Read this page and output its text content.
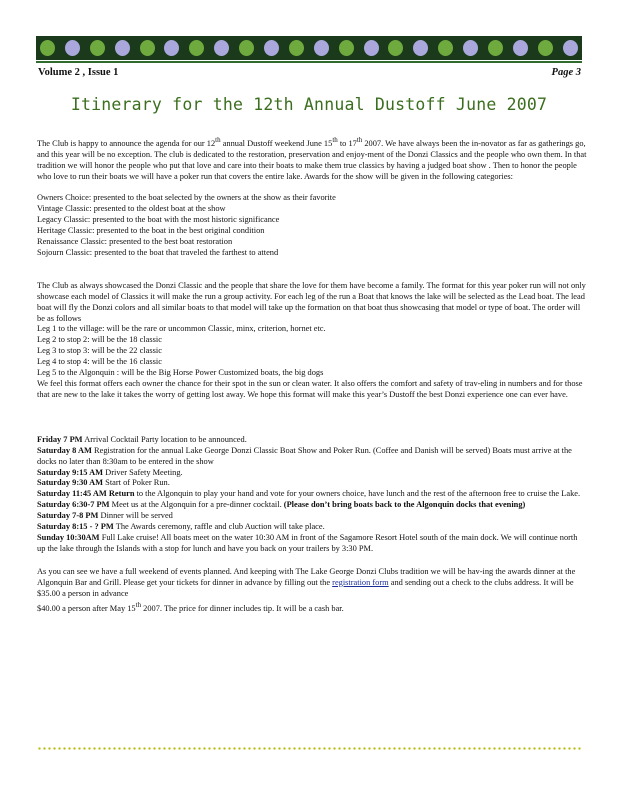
Volume 2 , Issue 1	Page 3
Itinerary for the 12th Annual Dustoff June 2007

The Club is happy to announce the agenda for our 12th annual Dustoff weekend June 15th to 17th 2007. We have always been the in-novator as far as gatherings go, and this year will be no exception. The club is dedicated to the restoration, preservation and enjoy-ment of the Donzi Classics and the people who own them. In that tradition we will honor the people who put that love and care into their boats to make them true classics by having a judged boat show . Then to honor the people who love to run their boats we will have a poker run that covers the entire lake. Awards for the show will be given in the following categories:

Owners Choice: presented to the boat selected by the owners at the show as their favorite

Vintage Classic: presented to the oldest boat at the show

Legacy Classic: presented to the boat with the most historic significance

Heritage Classic: presented to the boat in the best original condition

Renaissance Classic: presented to the best boat restoration

Sojourn Classic: presented to the boat that traveled the farthest to attend

The Club as always showcased the Donzi Classic and the people that share the love for them have become a family. The format for this year poker run will not only showcase each model of Classics it will make the run a group activity. For each leg of the run a Boat that knows the lake will be selected as the Lead boat. The lead boat will fly the Donzi colors and all similar boats to that model will take up the formation on that boat thus showcasing that model or type of boat. The order will be as follows

Leg 1 to the village: will be the rare or uncommon Classic, minx, criterion, hornet etc.

Leg 2 to stop 2: will be the 18 classic

Leg 3 to stop 3: will be the 22 classic

Leg 4 to stop 4: will be the 16 classic

Leg 5 to the Algonquin : will be the Big Horse Power Customized boats, the big dogs

We feel this format offers each owner the chance for their spot in the sun or clean water. It also offers the comfort and safety of trav-eling in numbers and for those that are new to the lake it takes the worry of getting lost away. We hope this format will make this year’s Dustoff the best Donzi experience one can ever have.

Friday 7 PM Arrival Cocktail Party location to be announced.

Saturday 8 AM Registration for the annual Lake George Donzi Classic Boat Show and Poker Run. (Coffee and Danish will be served) Boats must arrive at the docks no later than 8:30am to be entered in the show

Saturday 9:15 AM Driver Safety Meeting.

Saturday 9:30 AM Start of Poker Run.

Saturday 11:45 AM Return to the Algonquin to play your hand and vote for your owners choice, have lunch and the rest of the afternoon free to cruise the Lake.

Saturday 6:30-7 PM Meet us at the Algonquin for a pre-dinner cocktail. (Please don’t bring boats back to the Algonquin docks that evening)

Saturday 7-8 PM Dinner will be served

Saturday 8:15 - ? PM The Awards ceremony, raffle and club Auction will take place.

Sunday 10:30AM Full Lake cruise! All boats meet on the water 10:30 AM in front of the Sagamore Resort Hotel south of the main dock. We will continue north up the lake through the Islands with a stop for lunch and have you back on your trailers by 3:30 PM.

As you can see we have a full weekend of events planned. And keeping with The Lake George Donzi Clubs tradition we will be hav-ing the awards dinner at the Algonquin Bar and Grill. Please get your tickets for dinner in advance by filling out the registration form and sending out a check to the clubs address. It will be $35.00 a person in advance

$40.00 a person after May 15th 2007. The price for dinner includes tip. It will be a cash bar.
